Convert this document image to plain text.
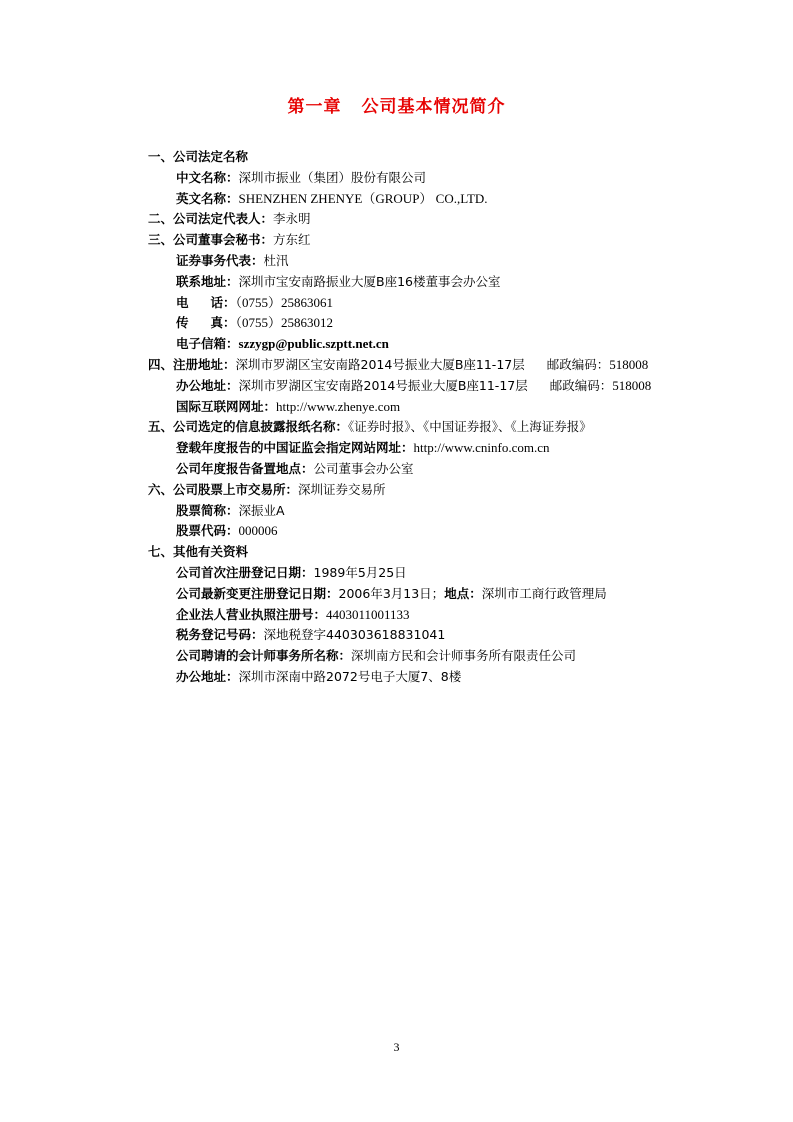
第一章 公司基本情况简介
一、公司法定名称
中文名称：深圳市振业（集团）股份有限公司
英文名称：SHENZHEN ZHENYE（GROUP） CO.,LTD.
二、公司法定代表人：李永明
三、公司董事会秘书：方东红
证券事务代表：杜汛
联系地址：深圳市宝安南路振业大厦B座16楼董事会办公室
电 话：（0755）25863061
传 真：（0755）25863012
电子信箱：szzygp@public.szptt.net.cn
四、注册地址：深圳市罗湖区宝安南路2014号振业大厦B座11-17层 邮政编码：518008
办公地址：深圳市罗湖区宝安南路2014号振业大厦B座11-17层 邮政编码：518008
国际互联网网址：http://www.zhenye.com
五、公司选定的信息披露报纸名称：《证券时报》、《中国证券报》、《上海证券报》
登载年度报告的中国证监会指定网站网址：http://www.cninfo.com.cn
公司年度报告备置地点：公司董事会办公室
六、公司股票上市交易所：深圳证券交易所
股票简称：深振业A
股票代码：000006
七、其他有关资料
公司首次注册登记日期：1989年5月25日
公司最新变更注册登记日期：2006年3月13日；地点：深圳市工商行政管理局
企业法人营业执照注册号：4403011001133
税务登记号码：深地税登字440303618831041
公司聘请的会计师事务所名称：深圳南方民和会计师事务所有限责任公司
办公地址：深圳市深南中路2072号电子大厦7、8楼
3
